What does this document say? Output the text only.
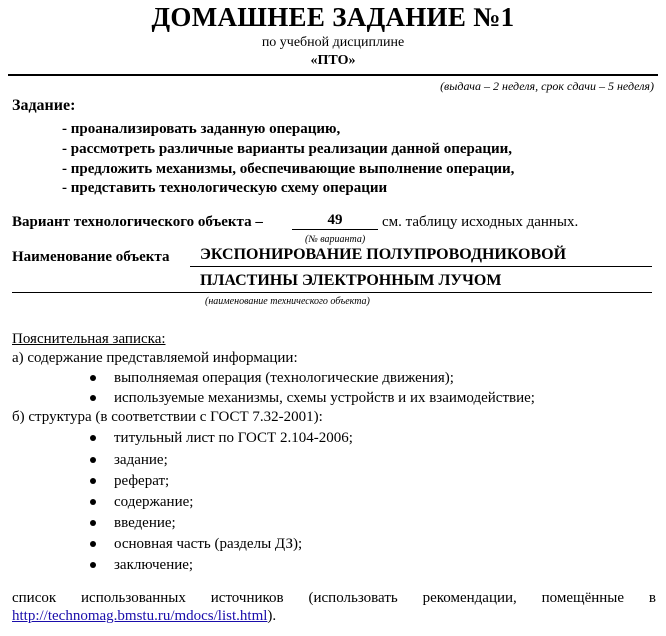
ДОМАШНЕЕ ЗАДАНИЕ №1
по учебной дисциплине
«ПТО»
(выдача – 2 неделя, срок сдачи – 5 неделя)
Задание:
- проанализировать заданную операцию,
- рассмотреть различные варианты реализации данной операции,
- предложить механизмы, обеспечивающие выполнение операции,
- представить технологическую схему операции
Вариант технологического объекта –	49	см. таблицу исходных данных.
(№ варианта)
Наименование объекта	ЭКСПОНИРОВАНИЕ ПОЛУПРОВОДНИКОВОЙ
ПЛАСТИНЫ ЭЛЕКТРОННЫМ ЛУЧОМ
(наименование технического объекта)
Пояснительная записка:
а) содержание представляемой информации:
выполняемая операция (технологические движения);
используемые механизмы, схемы устройств и их взаимодействие;
б) структура (в соответствии с ГОСТ 7.32-2001):
титульный лист по ГОСТ 2.104-2006;
задание;
реферат;
содержание;
введение;
основная часть (разделы ДЗ);
заключение;
список использованных источников (использовать рекомендации, помещённые в
http://technomag.bmstu.ru/mdocs/list.html).
